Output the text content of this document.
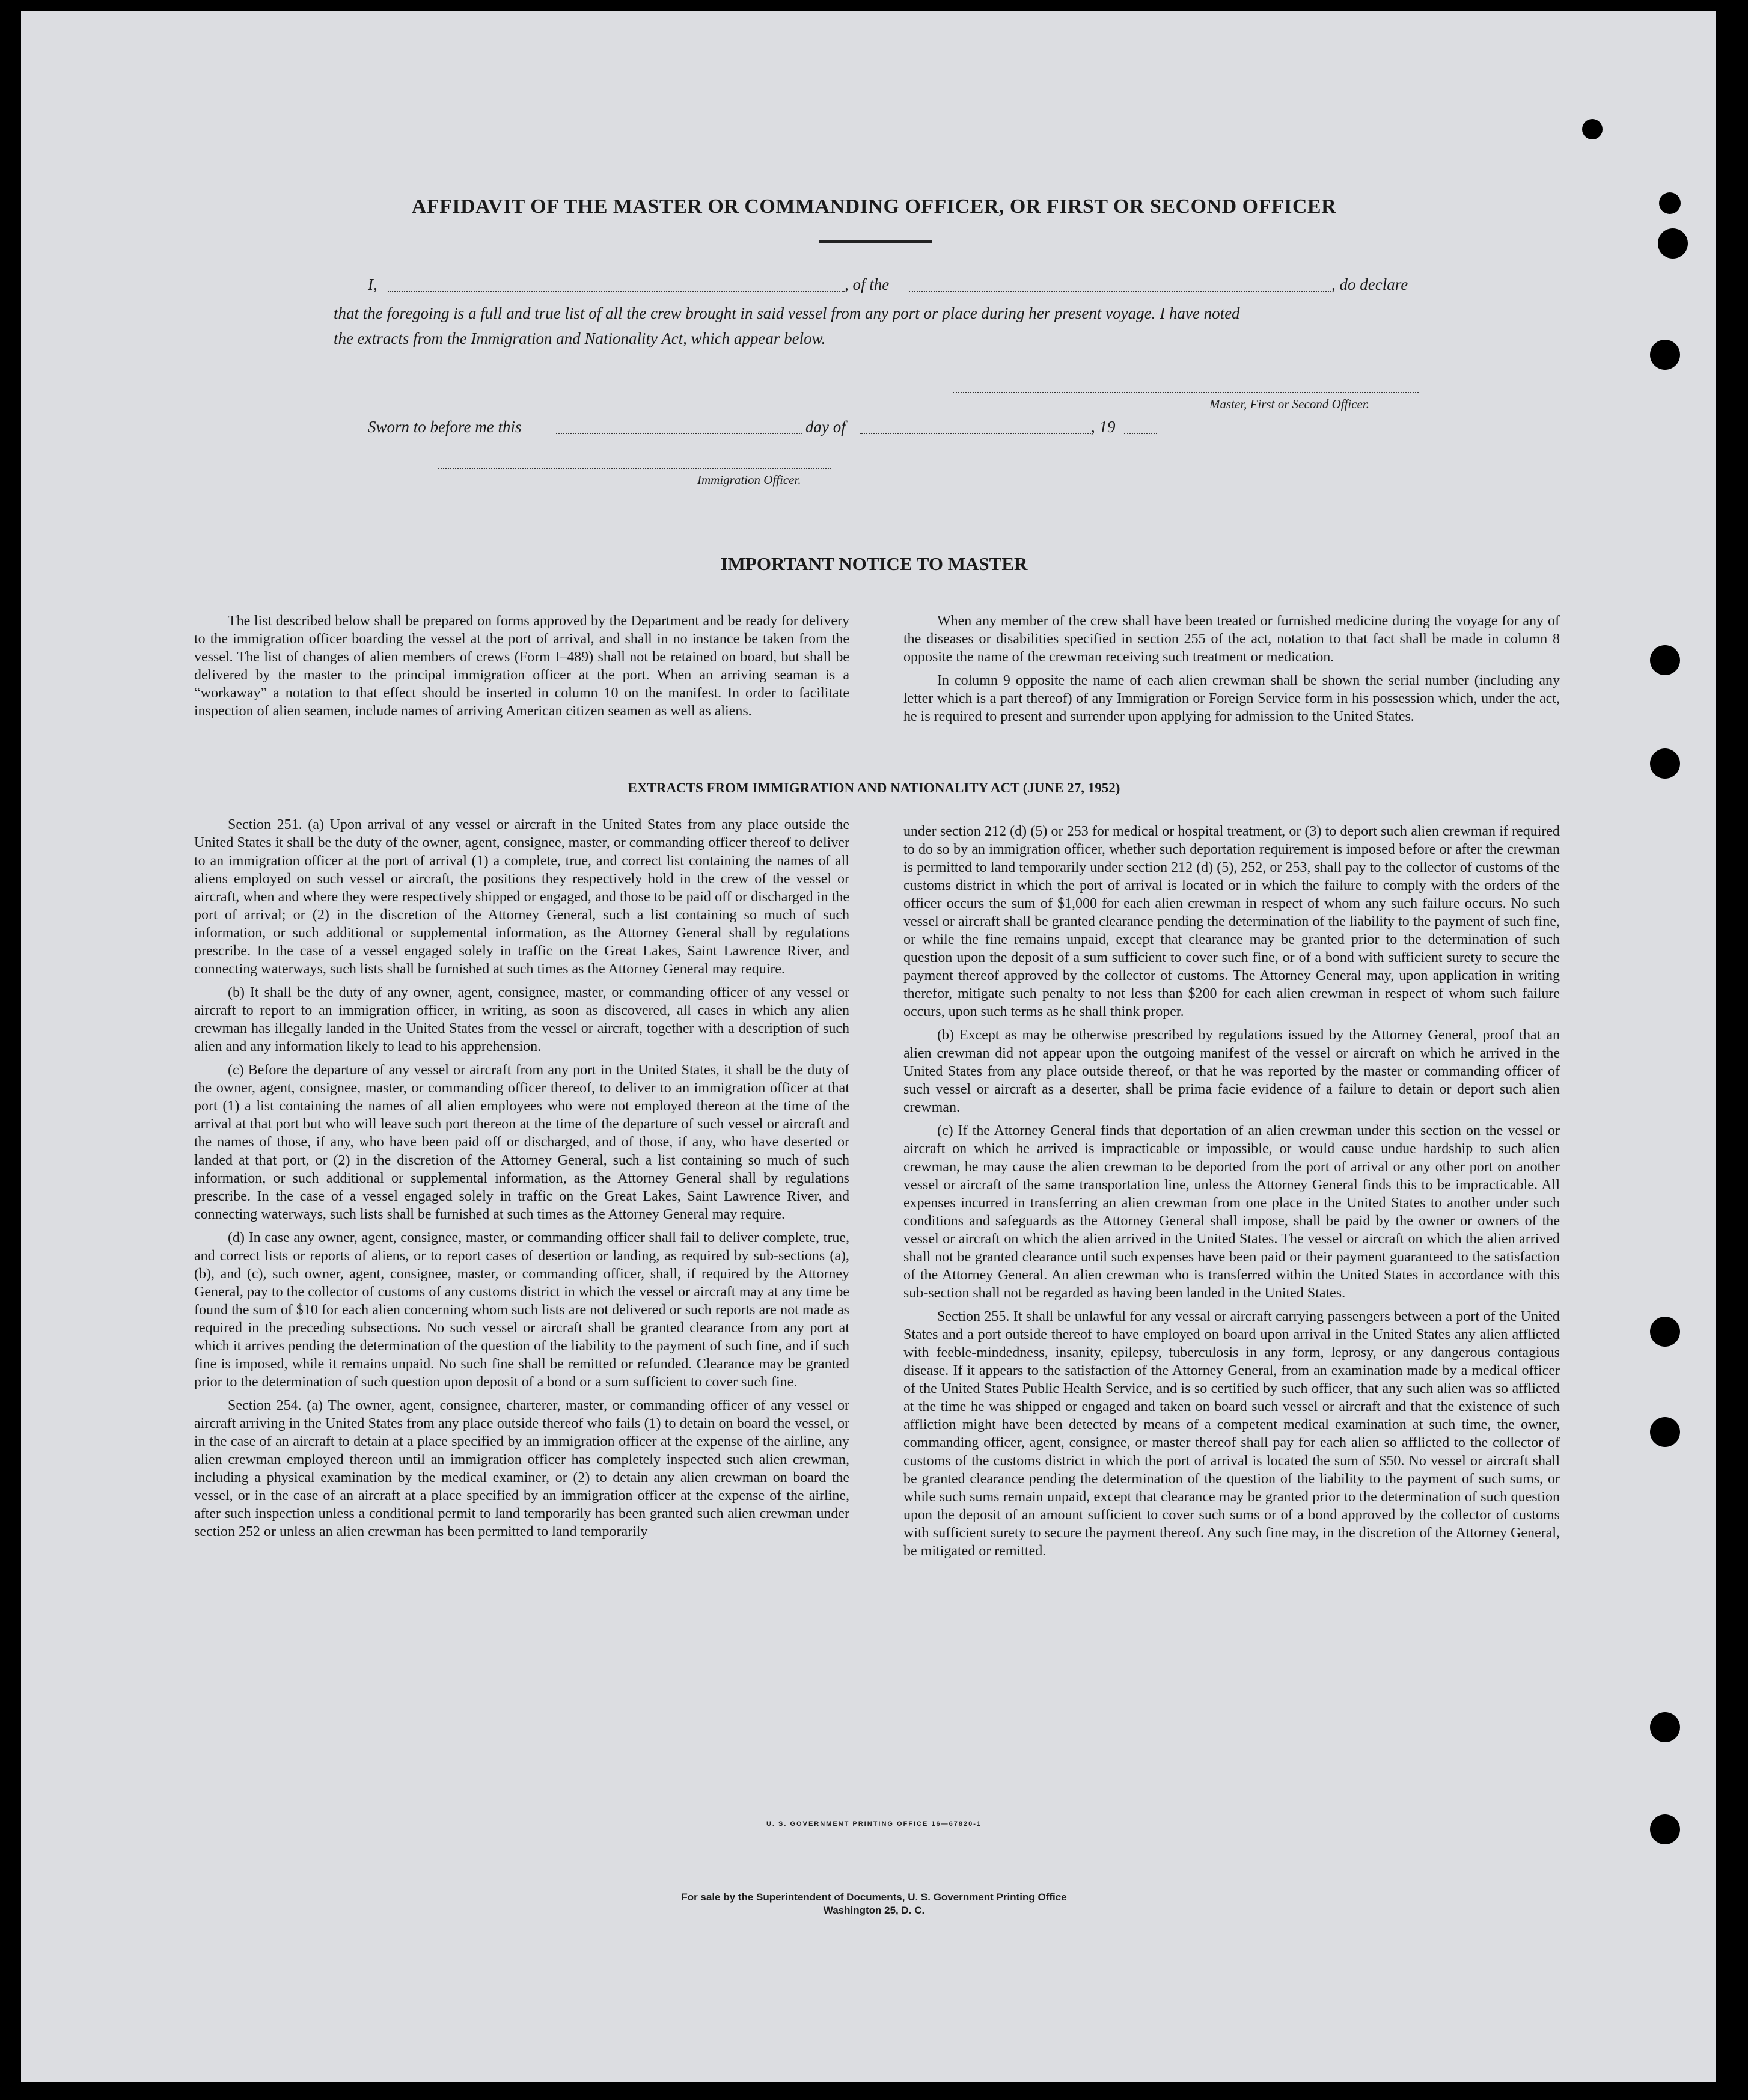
AFFIDAVIT OF THE MASTER OR COMMANDING OFFICER, OR FIRST OR SECOND OFFICER
I,	, of the	, do declare
that the foregoing is a full and true list of all the crew brought in said vessel from any port or place during her present voyage. I have noted
the extracts from the Immigration and Nationality Act, which appear below.
Master, First or Second Officer.
Sworn to before me this	day of	, 19
Immigration Officer.
IMPORTANT NOTICE TO MASTER

The list described below shall be prepared on forms approved by the Department and be ready for delivery to the immigration officer boarding the vessel at the port of arrival, and shall in no instance be taken from the vessel. The list of changes of alien members of crews (Form I–489) shall not be retained on board, but shall be delivered by the master to the principal immigration officer at the port. When an arriving seaman is a “workaway” a notation to that effect should be inserted in column 10 on the manifest. In order to facilitate inspection of alien seamen, include names of arriving American citizen seamen as well as aliens.

When any member of the crew shall have been treated or furnished medicine during the voyage for any of the diseases or disabilities specified in section 255 of the act, notation to that fact shall be made in column 8 opposite the name of the crewman receiving such treatment or medication.

In column 9 opposite the name of each alien crewman shall be shown the serial number (including any letter which is a part thereof) of any Immigration or Foreign Service form in his possession which, under the act, he is required to present and surrender upon applying for admission to the United States.

EXTRACTS FROM IMMIGRATION AND NATIONALITY ACT (JUNE 27, 1952)

Section 251. (a) Upon arrival of any vessel or aircraft in the United States from any place outside the United States it shall be the duty of the owner, agent, consignee, master, or commanding officer thereof to deliver to an immigration officer at the port of arrival (1) a complete, true, and correct list containing the names of all aliens employed on such vessel or aircraft, the positions they respectively hold in the crew of the vessel or aircraft, when and where they were respectively shipped or engaged, and those to be paid off or discharged in the port of arrival; or (2) in the discretion of the Attorney General, such a list containing so much of such information, or such additional or supplemental information, as the Attorney General shall by regulations prescribe. In the case of a vessel engaged solely in traffic on the Great Lakes, Saint Lawrence River, and connecting waterways, such lists shall be furnished at such times as the Attorney General may require.

(b) It shall be the duty of any owner, agent, consignee, master, or commanding officer of any vessel or aircraft to report to an immigration officer, in writing, as soon as discovered, all cases in which any alien crewman has illegally landed in the United States from the vessel or aircraft, together with a description of such alien and any information likely to lead to his apprehension.

(c) Before the departure of any vessel or aircraft from any port in the United States, it shall be the duty of the owner, agent, consignee, master, or commanding officer thereof, to deliver to an immigration officer at that port (1) a list containing the names of all alien employees who were not employed thereon at the time of the arrival at that port but who will leave such port thereon at the time of the departure of such vessel or aircraft and the names of those, if any, who have been paid off or discharged, and of those, if any, who have deserted or landed at that port, or (2) in the discretion of the Attorney General, such a list containing so much of such information, or such additional or supplemental information, as the Attorney General shall by regulations prescribe. In the case of a vessel engaged solely in traffic on the Great Lakes, Saint Lawrence River, and connecting waterways, such lists shall be furnished at such times as the Attorney General may require.

(d) In case any owner, agent, consignee, master, or commanding officer shall fail to deliver complete, true, and correct lists or reports of aliens, or to report cases of desertion or landing, as required by sub-sections (a), (b), and (c), such owner, agent, consignee, master, or commanding officer, shall, if required by the Attorney General, pay to the collector of customs of any customs district in which the vessel or aircraft may at any time be found the sum of $10 for each alien concerning whom such lists are not delivered or such reports are not made as required in the preceding subsections. No such vessel or aircraft shall be granted clearance from any port at which it arrives pending the determination of the question of the liability to the payment of such fine, and if such fine is imposed, while it remains unpaid. No such fine shall be remitted or refunded. Clearance may be granted prior to the determination of such question upon deposit of a bond or a sum sufficient to cover such fine.

Section 254. (a) The owner, agent, consignee, charterer, master, or commanding officer of any vessel or aircraft arriving in the United States from any place outside thereof who fails (1) to detain on board the vessel, or in the case of an aircraft to detain at a place specified by an immigration officer at the expense of the airline, any alien crewman employed thereon until an immigration officer has completely inspected such alien crewman, including a physical examination by the medical examiner, or (2) to detain any alien crewman on board the vessel, or in the case of an aircraft at a place specified by an immigration officer at the expense of the airline, after such inspection unless a conditional permit to land temporarily has been granted such alien crewman under section 252 or unless an alien crewman has been permitted to land temporarily

under section 212 (d) (5) or 253 for medical or hospital treatment, or (3) to deport such alien crewman if required to do so by an immigration officer, whether such deportation requirement is imposed before or after the crewman is permitted to land temporarily under section 212 (d) (5), 252, or 253, shall pay to the collector of customs of the customs district in which the port of arrival is located or in which the failure to comply with the orders of the officer occurs the sum of $1,000 for each alien crewman in respect of whom any such failure occurs. No such vessel or aircraft shall be granted clearance pending the determination of the liability to the payment of such fine, or while the fine remains unpaid, except that clearance may be granted prior to the determination of such question upon the deposit of a sum sufficient to cover such fine, or of a bond with sufficient surety to secure the payment thereof approved by the collector of customs. The Attorney General may, upon application in writing therefor, mitigate such penalty to not less than $200 for each alien crewman in respect of whom such failure occurs, upon such terms as he shall think proper.

(b) Except as may be otherwise prescribed by regulations issued by the Attorney General, proof that an alien crewman did not appear upon the outgoing manifest of the vessel or aircraft on which he arrived in the United States from any place outside thereof, or that he was reported by the master or commanding officer of such vessel or aircraft as a deserter, shall be prima facie evidence of a failure to detain or deport such alien crewman.

(c) If the Attorney General finds that deportation of an alien crewman under this section on the vessel or aircraft on which he arrived is impracticable or impossible, or would cause undue hardship to such alien crewman, he may cause the alien crewman to be deported from the port of arrival or any other port on another vessel or aircraft of the same transportation line, unless the Attorney General finds this to be impracticable. All expenses incurred in transferring an alien crewman from one place in the United States to another under such conditions and safeguards as the Attorney General shall impose, shall be paid by the owner or owners of the vessel or aircraft on which the alien arrived in the United States. The vessel or aircraft on which the alien arrived shall not be granted clearance until such expenses have been paid or their payment guaranteed to the satisfaction of the Attorney General. An alien crewman who is transferred within the United States in accordance with this sub-section shall not be regarded as having been landed in the United States.

Section 255. It shall be unlawful for any vessal or aircraft carrying passengers between a port of the United States and a port outside thereof to have employed on board upon arrival in the United States any alien afflicted with feeble-mindedness, insanity, epilepsy, tuberculosis in any form, leprosy, or any dangerous contagious disease. If it appears to the satisfaction of the Attorney General, from an examination made by a medical officer of the United States Public Health Service, and is so certified by such officer, that any such alien was so afflicted at the time he was shipped or engaged and taken on board such vessel or aircraft and that the existence of such affliction might have been detected by means of a competent medical examination at such time, the owner, commanding officer, agent, consignee, or master thereof shall pay for each alien so afflicted to the collector of customs of the customs district in which the port of arrival is located the sum of $50. No vessel or aircraft shall be granted clearance pending the determination of the question of the liability to the payment of such sums, or while such sums remain unpaid, except that clearance may be granted prior to the determination of such question upon the deposit of an amount sufficient to cover such sums or of a bond approved by the collector of customs with sufficient surety to secure the payment thereof. Any such fine may, in the discretion of the Attorney General, be mitigated or remitted.

U. S. GOVERNMENT PRINTING OFFICE 16—67820-1
For sale by the Superintendent of Documents, U. S. Government Printing Office
Washington 25, D. C.
